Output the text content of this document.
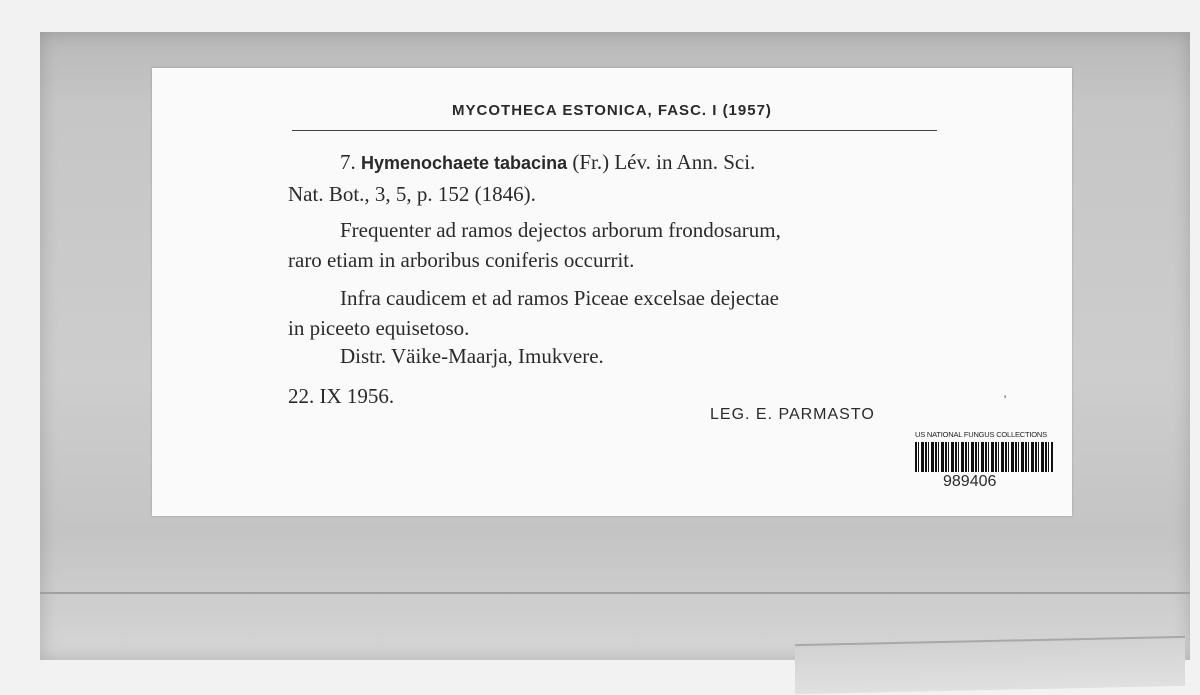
MYCOTHECA ESTONICA, FASC. I (1957)
7. Hymenochaete tabacina (Fr.) Lév. in Ann. Sci.
Nat. Bot., 3, 5, p. 152 (1846).
Frequenter ad ramos dejectos arborum frondosarum,
raro etiam in arboribus coniferis occurrit.
Infra caudicem et ad ramos Piceae excelsae dejectae
in piceeto equisetoso.
Distr. Väike-Maarja, Imukvere.
22. IX 1956.	'
LEG. E. PARMASTO
US NATIONAL FUNGUS COLLECTIONS
989406
